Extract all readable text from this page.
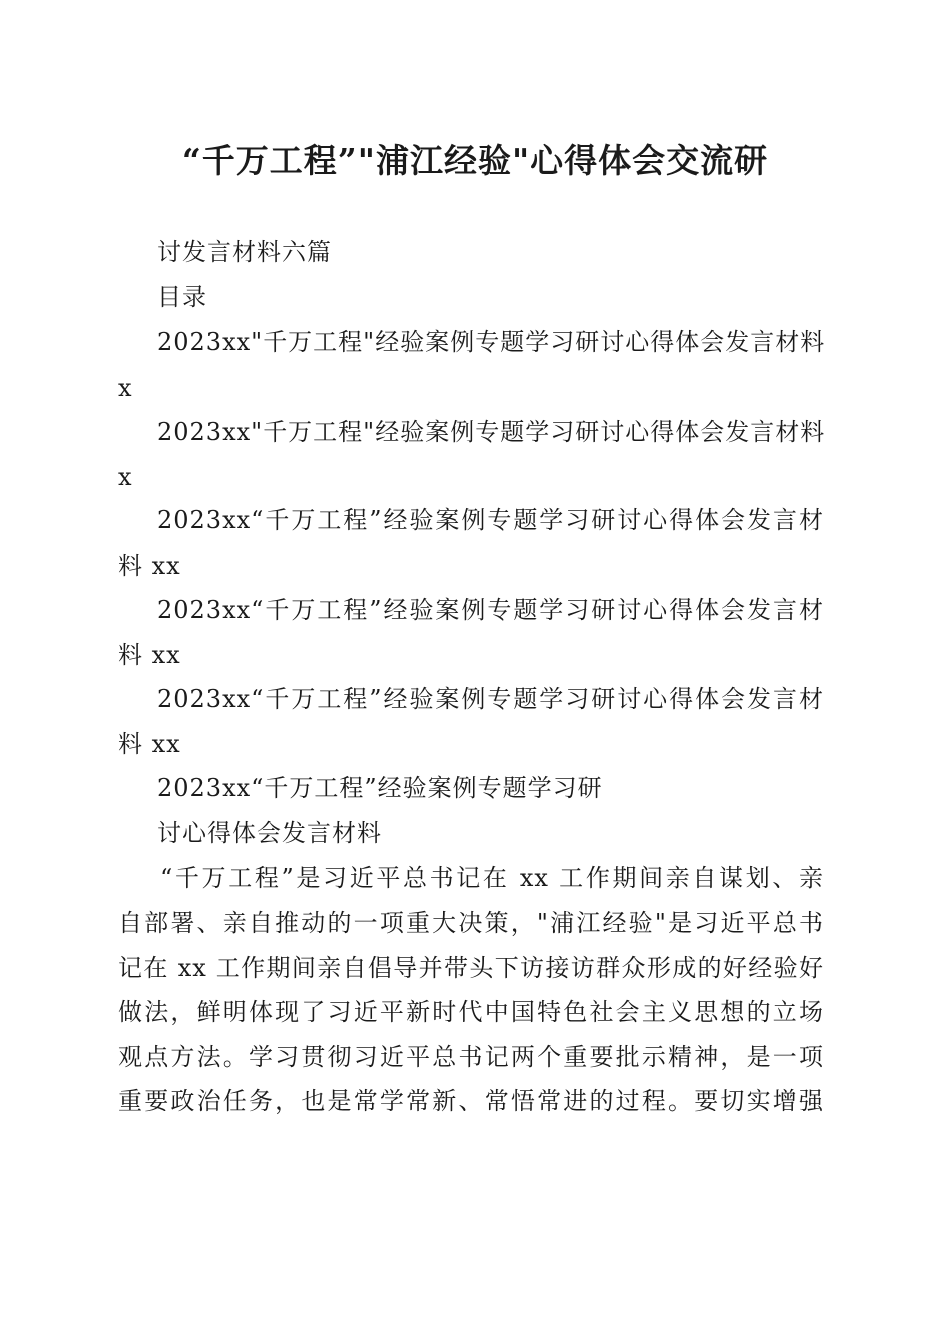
“千万工程”"浦江经验"心得体会交流研
讨发言材料六篇
目录
2023xx"千万工程"经验案例专题学习研讨心得体会发言材料
x
2023xx"千万工程"经验案例专题学习研讨心得体会发言材料
x
2023xx“千万工程”经验案例专题学习研讨心得体会发言材
料 xx
2023xx“千万工程”经验案例专题学习研讨心得体会发言材
料 xx
2023xx“千万工程”经验案例专题学习研讨心得体会发言材
料 xx
2023xx“千万工程”经验案例专题学习研
讨心得体会发言材料
“千万工程”是习近平总书记在 xx 工作期间亲自谋划、亲
自部署、亲自推动的一项重大决策，"浦江经验"是习近平总书
记在 xx 工作期间亲自倡导并带头下访接访群众形成的好经验好
做法，鲜明体现了习近平新时代中国特色社会主义思想的立场
观点方法。学习贯彻习近平总书记两个重要批示精神，是一项
重要政治任务，也是常学常新、常悟常进的过程。要切实增强
